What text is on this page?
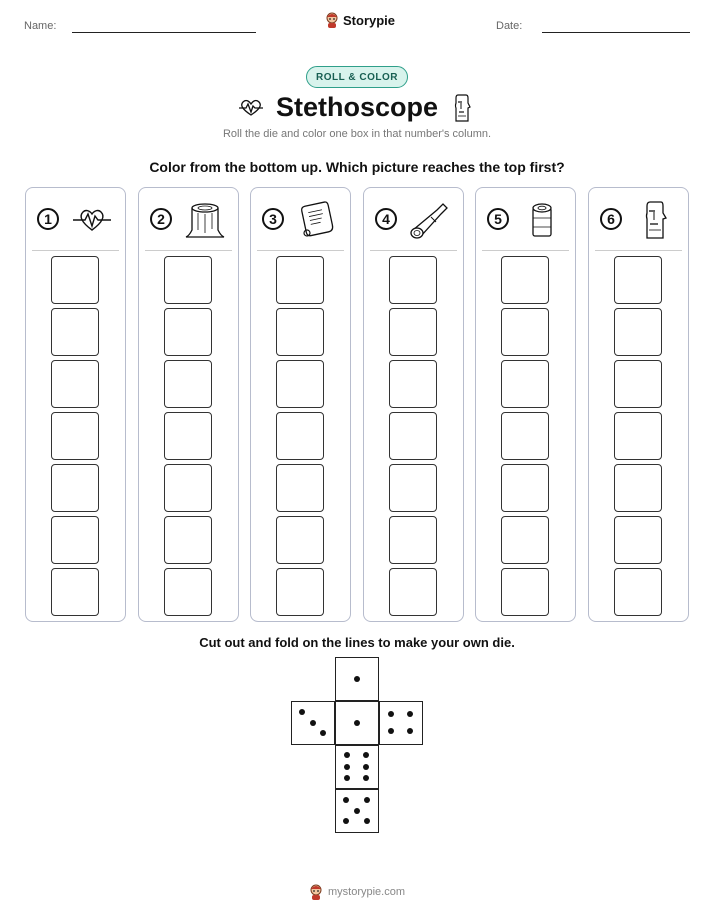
Name:	Storypie	Date:
ROLL & COLOR
Stethoscope
Roll the die and color one box in that number's column.
Color from the bottom up. Which picture reaches the top first?
1	2	3	4	5	6
Cut out and fold on the lines to make your own die.
mystorypie.com
